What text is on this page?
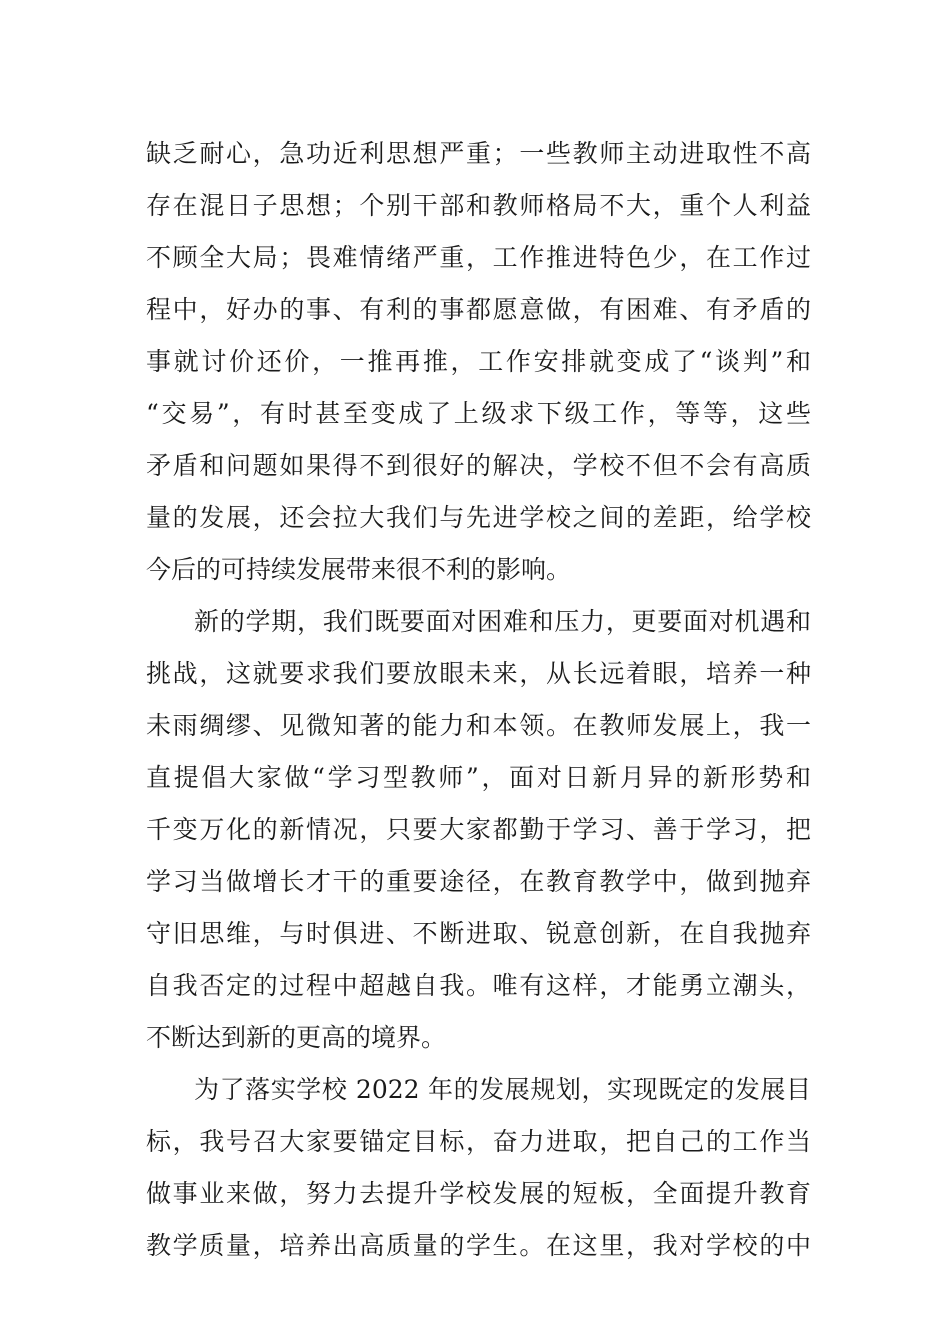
缺乏耐心，急功近利思想严重；一些教师主动进取性不高
存在混日子思想；个别干部和教师格局不大，重个人利益
不顾全大局；畏难情绪严重，工作推进特色少，在工作过
程中，好办的事、有利的事都愿意做，有困难、有矛盾的
事就讨价还价，一推再推，工作安排就变成了“谈判”和
“交易”，有时甚至变成了上级求下级工作，等等，这些
矛盾和问题如果得不到很好的解决，学校不但不会有高质
量的发展，还会拉大我们与先进学校之间的差距，给学校
今后的可持续发展带来很不利的影响。
新的学期，我们既要面对困难和压力，更要面对机遇和
挑战，这就要求我们要放眼未来，从长远着眼，培养一种
未雨绸缪、见微知著的能力和本领。在教师发展上，我一
直提倡大家做“学习型教师”，面对日新月异的新形势和
千变万化的新情况，只要大家都勤于学习、善于学习，把
学习当做增长才干的重要途径，在教育教学中，做到抛弃
守旧思维，与时俱进、不断进取、锐意创新，在自我抛弃
自我否定的过程中超越自我。唯有这样，才能勇立潮头，
不断达到新的更高的境界。
为了落实学校 2022 年的发展规划，实现既定的发展目
标，我号召大家要锚定目标，奋力进取，把自己的工作当
做事业来做，努力去提升学校发展的短板，全面提升教育
教学质量，培养出高质量的学生。在这里，我对学校的中
